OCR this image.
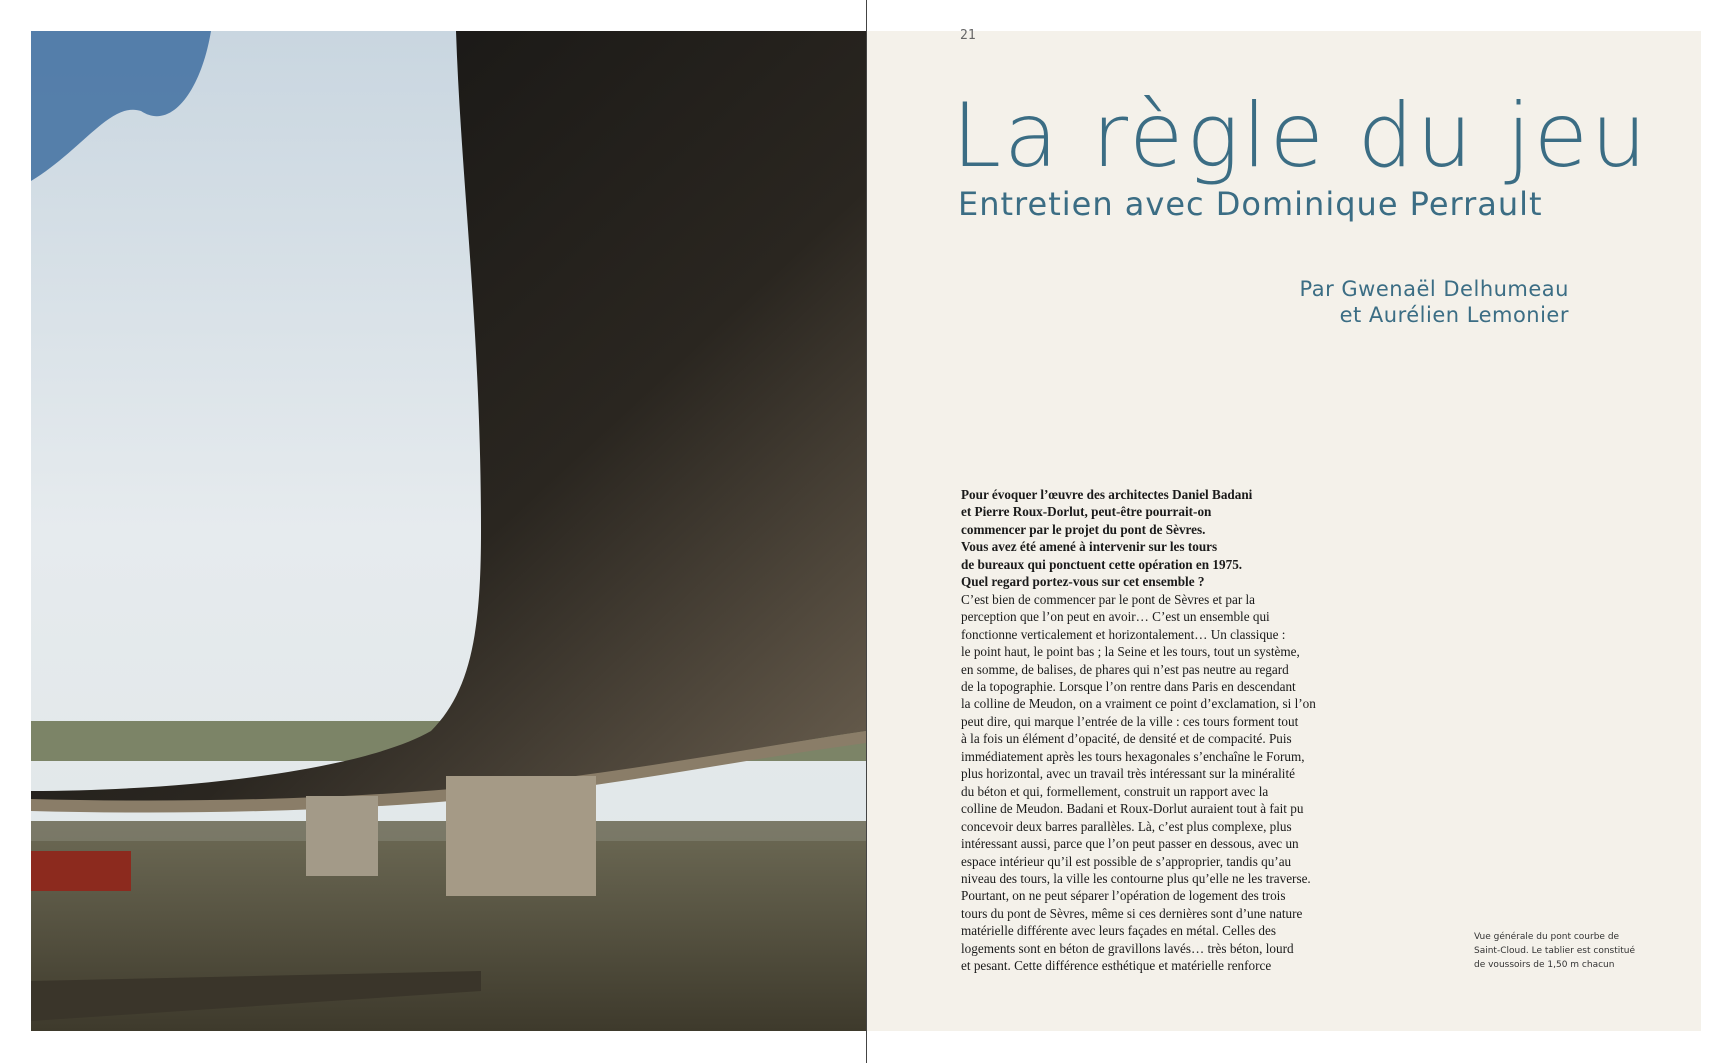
21
La règle du jeu
Entretien avec Dominique Perrault
Par Gwenaël Delhumeau
et Aurélien Lemonier

Pour évoquer l’œuvre des architectes Daniel Badani

et Pierre Roux-Dorlut, peut-être pourrait-on

commencer par le projet du pont de Sèvres.

Vous avez été amené à intervenir sur les tours

de bureaux qui ponctuent cette opération en 1975.

Quel regard portez-vous sur cet ensemble ?

C’est bien de commencer par le pont de Sèvres et par la

perception que l’on peut en avoir… C’est un ensemble qui

fonctionne verticalement et horizontalement… Un classique :

le point haut, le point bas ; la Seine et les tours, tout un système,

en somme, de balises, de phares qui n’est pas neutre au regard

de la topographie. Lorsque l’on rentre dans Paris en descendant

la colline de Meudon, on a vraiment ce point d’exclamation, si l’on

peut dire, qui marque l’entrée de la ville : ces tours forment tout

à la fois un élément d’opacité, de densité et de compacité. Puis

immédiatement après les tours hexagonales s’enchaîne le Forum,

plus horizontal, avec un travail très intéressant sur la minéralité

du béton et qui, formellement, construit un rapport avec la

colline de Meudon. Badani et Roux-Dorlut auraient tout à fait pu

concevoir deux barres parallèles. Là, c’est plus complexe, plus

intéressant aussi, parce que l’on peut passer en dessous, avec un

espace intérieur qu’il est possible de s’approprier, tandis qu’au

niveau des tours, la ville les contourne plus qu’elle ne les traverse.

Pourtant, on ne peut séparer l’opération de logement des trois

tours du pont de Sèvres, même si ces dernières sont d’une nature

matérielle différente avec leurs façades en métal. Celles des

logements sont en béton de gravillons lavés… très béton, lourd

et pesant. Cette différence esthétique et matérielle renforce

Vue générale du pont courbe de
Saint-Cloud. Le tablier est constitué
de voussoirs de 1,50 m chacun
